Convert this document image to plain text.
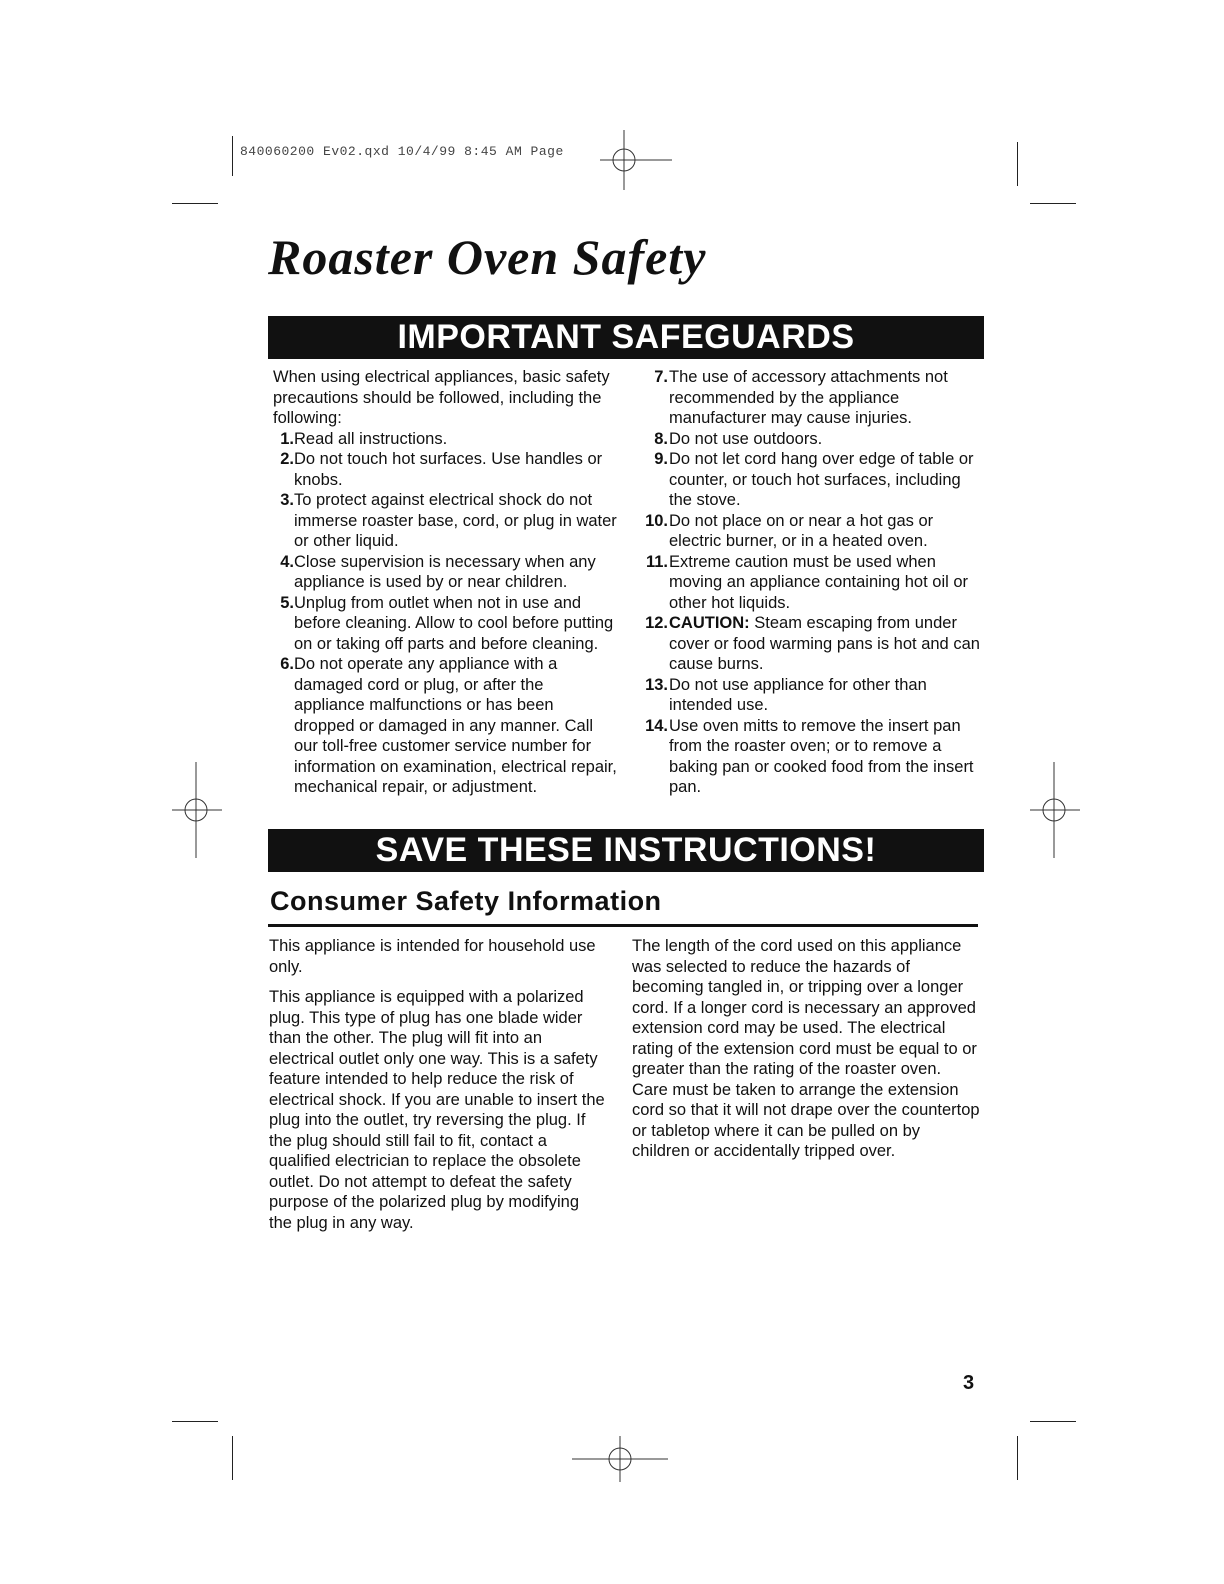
840060200 Ev02.qxd 10/4/99 8:45 AM Page
Roaster Oven Safety
IMPORTANT SAFEGUARDS

When using electrical appliances, basic safety precautions should be followed, including the following:

1. Read all instructions.
2. Do not touch hot surfaces. Use handles or knobs.
3. To protect against electrical shock do not immerse roaster base, cord, or plug in water or other liquid.
4. Close supervision is necessary when any appliance is used by or near children.
5. Unplug from outlet when not in use and before cleaning. Allow to cool before putting on or taking off parts and before cleaning.
6. Do not operate any appliance with a damaged cord or plug, or after the appliance malfunctions or has been dropped or damaged in any manner. Call our toll-free customer service number for information on examination, electrical repair, mechanical repair, or adjustment.
7. The use of accessory attachments not recommended by the appliance manufacturer may cause injuries.
8. Do not use outdoors.
9. Do not let cord hang over edge of table or counter, or touch hot surfaces, including the stove.
10. Do not place on or near a hot gas or electric burner, or in a heated oven.
11. Extreme caution must be used when moving an appliance containing hot oil or other hot liquids.
12. CAUTION: Steam escaping from under cover or food warming pans is hot and can cause burns.
13. Do not use appliance for other than intended use.
14. Use oven mitts to remove the insert pan from the roaster oven; or to remove a baking pan or cooked food from the insert pan.
SAVE THESE INSTRUCTIONS!
Consumer Safety Information

This appliance is intended for household use only.

This appliance is equipped with a polarized plug. This type of plug has one blade wider than the other. The plug will fit into an electrical outlet only one way. This is a safety feature intended to help reduce the risk of electrical shock. If you are unable to insert the plug into the outlet, try reversing the plug. If the plug should still fail to fit, contact a qualified electrician to replace the obsolete outlet. Do not attempt to defeat the safety purpose of the polarized plug by modifying the plug in any way.

The length of the cord used on this appliance was selected to reduce the hazards of becoming tangled in, or tripping over a longer cord. If a longer cord is necessary an approved extension cord may be used. The electrical rating of the extension cord must be equal to or greater than the rating of the roaster oven. Care must be taken to arrange the extension cord so that it will not drape over the countertop or tabletop where it can be pulled on by children or accidentally tripped over.

3
